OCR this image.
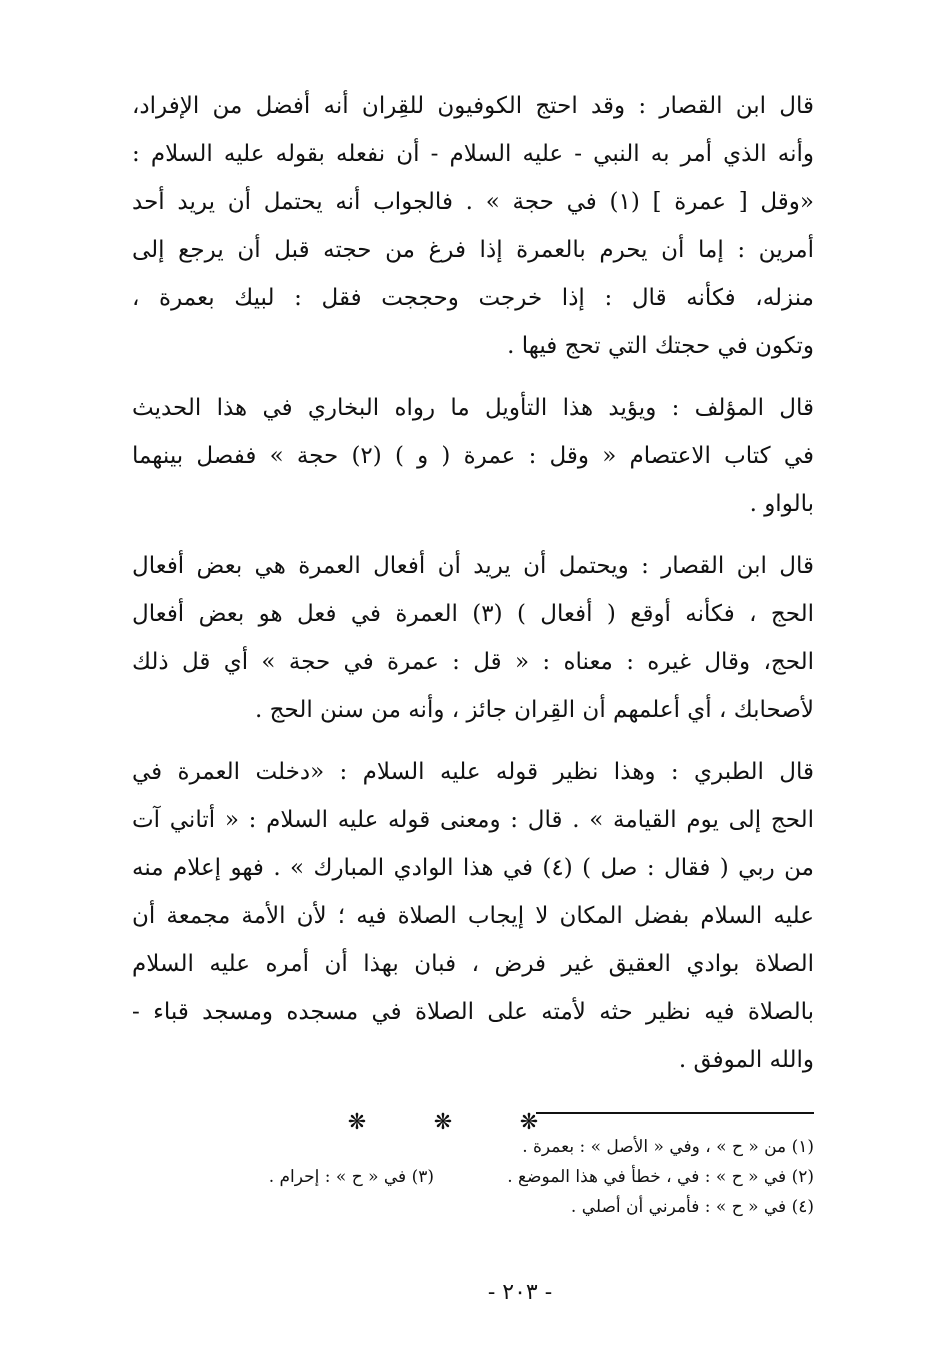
قال ابن القصار : وقد احتج الكوفيون للقِران أنه أفضل من الإفراد،
وأنه الذي أمر به النبي - عليه السلام - أن نفعله بقوله عليه السلام :
«وقل [ عمرة ] (١) في حجة » . فالجواب أنه يحتمل أن يريد أحد
أمرين : إما أن يحرم بالعمرة إذا فرغ من حجته قبل أن يرجع إلى
منزله، فكأنه قال : إذا خرجت وحججت فقل : لبيك بعمرة ،
وتكون في حجتك التي تحج فيها .
قال المؤلف : ويؤيد هذا التأويل ما رواه البخاري في هذا الحديث
في كتاب الاعتصام « وقل : عمرة ( و ) (٢) حجة » ففصل بينهما
بالواو .
قال ابن القصار : ويحتمل أن يريد أن أفعال العمرة هي بعض أفعال
الحج ، فكأنه أوقع ( أفعال ) (٣) العمرة في فعل هو بعض أفعال
الحج، وقال غيره : معناه : « قل : عمرة في حجة » أي قل ذلك
لأصحابك ، أي أعلمهم أن القِران جائز ، وأنه من سنن الحج .
قال الطبري : وهذا نظير قوله عليه السلام : «دخلت العمرة في
الحج إلى يوم القيامة » . قال : ومعنى قوله عليه السلام : « أتاني آت
من ربي ( فقال : صل ) (٤) في هذا الوادي المبارك » . فهو إعلام منه
عليه السلام بفضل المكان لا إيجاب الصلاة فيه ؛ لأن الأمة مجمعة أن
الصلاة بوادي العقيق غير فرض ، فبان بهذا أن أمره عليه السلام
بالصلاة فيه نظير حثه لأمته على الصلاة في مسجده ومسجد قباء -
والله الموفق .
❋ ❋ ❋
(١) من « ح » ، وفي « الأصل » : بعمرة .
(٢) في « ح » : في ، خطأ في هذا الموضع .
(٣) في « ح » : إحرام .
(٤) في « ح » : فأمرني أن أصلي .
- ٢٠٣ -
